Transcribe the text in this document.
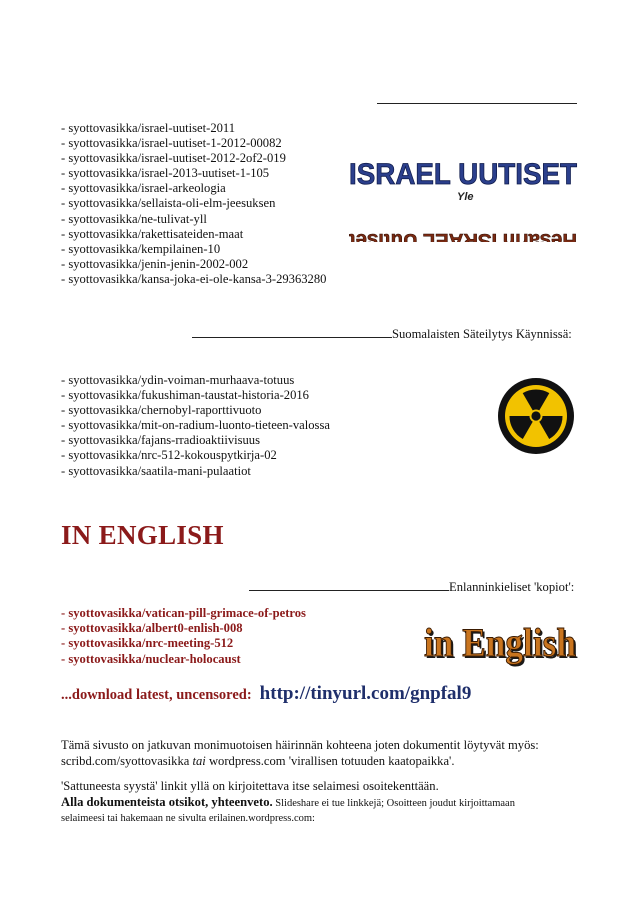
- syottovasikka/israel-uutiset-2011
- syottovasikka/israel-uutiset-1-2012-00082
- syottovasikka/israel-uutiset-2012-2of2-019
- syottovasikka/israel-2013-uutiset-1-105
- syottovasikka/israel-arkeologia
- syottovasikka/sellaista-oli-elm-jeesuksen
- syottovasikka/ne-tulivat-yll
- syottovasikka/rakettisateiden-maat
- syottovasikka/kempilainen-10
- syottovasikka/jenin-jenin-2002-002
- syottovasikka/kansa-joka-ei-ole-kansa-3-29363280
ISRAEL UUTISET
Yle
Hesarin ISRAEL Uutiset
Suomalaisten Säteilytys Käynnissä:
- syottovasikka/ydin-voiman-murhaava-totuus
- syottovasikka/fukushiman-taustat-historia-2016
- syottovasikka/chernobyl-raporttivuoto
- syottovasikka/mit-on-radium-luonto-tieteen-valossa
- syottovasikka/fajans-rradioaktiivisuus
- syottovasikka/nrc-512-kokouspytkirja-02
- syottovasikka/saatila-mani-pulaatiot
IN ENGLISH
Enlanninkieliset 'kopiot':
- syottovasikka/vatican-pill-grimace-of-petros
- syottovasikka/albert0-enlish-008
- syottovasikka/nrc-meeting-512
- syottovasikka/nuclear-holocaust	in English
in English
...download latest, uncensored: http://tinyurl.com/gnpfal9
Tämä sivusto on jatkuvan monimuotoisen häirinnän kohteena joten dokumentit löytyvät myös:
scribd.com/syottovasikka tai wordpress.com 'virallisen totuuden kaatopaikka'.
'Sattuneesta syystä' linkit yllä on kirjoitettava itse selaimesi osoitekenttään.
Alla dokumenteista otsikot, yhteenveto. Slideshare ei tue linkkejä; Osoitteen joudut kirjoittamaan
selaimeesi tai hakemaan ne sivulta erilainen.wordpress.com:
